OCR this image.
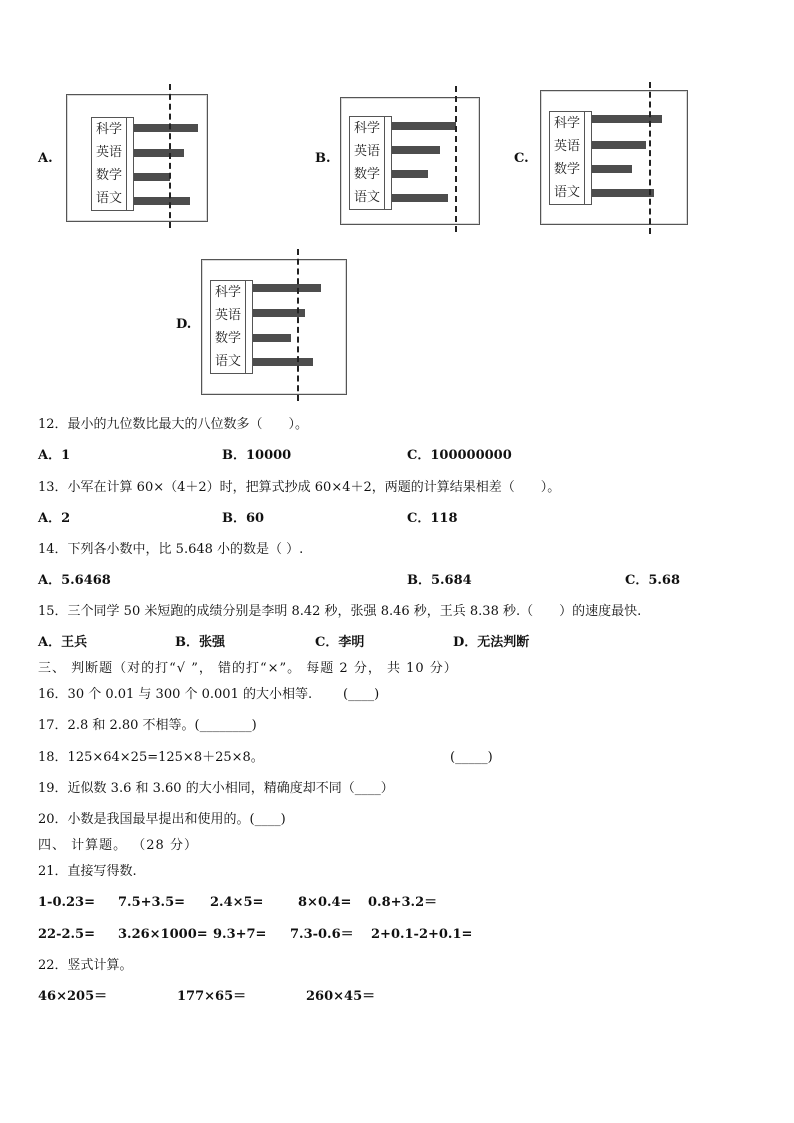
A.
科学
英语
数学
语文
B.
科学
英语
数学
语文
C.
科学
英语
数学
语文
D.
科学
英语
数学
语文
12．最小的九位数比最大的八位数多（　　）。
A．1	B．10000	C．100000000
13．小军在计算 60×（4＋2）时，把算式抄成 60×4＋2，两题的计算结果相差（　　）。
A．2	B．60	C．118
14．下列各小数中，比 5.648 小的数是（ ）.
A．5.6468	B．5.684	C．5.68
15．三个同学 50 米短跑的成绩分别是李明 8.42 秒，张强 8.46 秒，王兵 8.38 秒.（　　）的速度最快.
A．王兵	B．张强	C．李明	D．无法判断
三、 判断题（对的打“√ ”， 错的打“×”。 每题 2 分， 共 10 分）
16．30 个 0.01 与 300 个 0.001 的大小相等. (____)
17．2.8 和 2.80 不相等。(________)
18．125×64×25=125×8＋25×8。	(_____)
19．近似数 3.6 和 3.60 的大小相同，精确度却不同（____）
20．小数是我国最早提出和使用的。(____)
四、 计算题。 （28 分）
21．直接写得数.
1-0.23= 7.5+3.5= 2.4×5=	8×0.4= 0.8+3.2＝
22-2.5= 3.26×1000= 9.3+7= 7.3-0.6＝ 2+0.1-2+0.1=
22．竖式计算。
46×205＝	177×65＝	260×45＝
